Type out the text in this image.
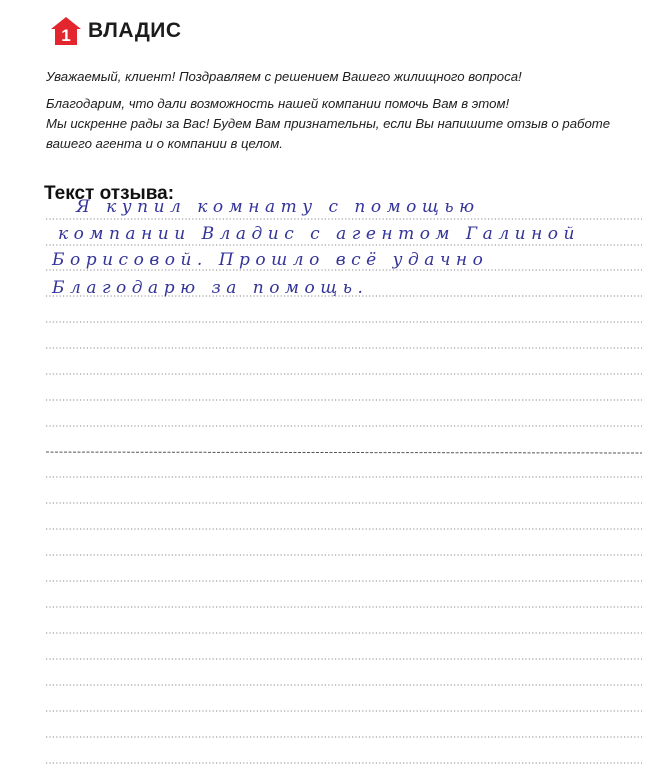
1 ВЛАДИС
Уважаемый, клиент! Поздравляем с решением Вашего жилищного вопроса!
Благодарим, что дали возможность нашей компании помочь Вам в этом!
Мы искренне рады за Вас! Будем Вам признательны, если Вы напишите отзыв о работе
вашего агента и о компании в целом.
Текст отзыва:
Я купил комнату с помощью
компании Владис с агентом Галиной
Борисовой. Прошло всё удачно
Благодарю за помощь.
